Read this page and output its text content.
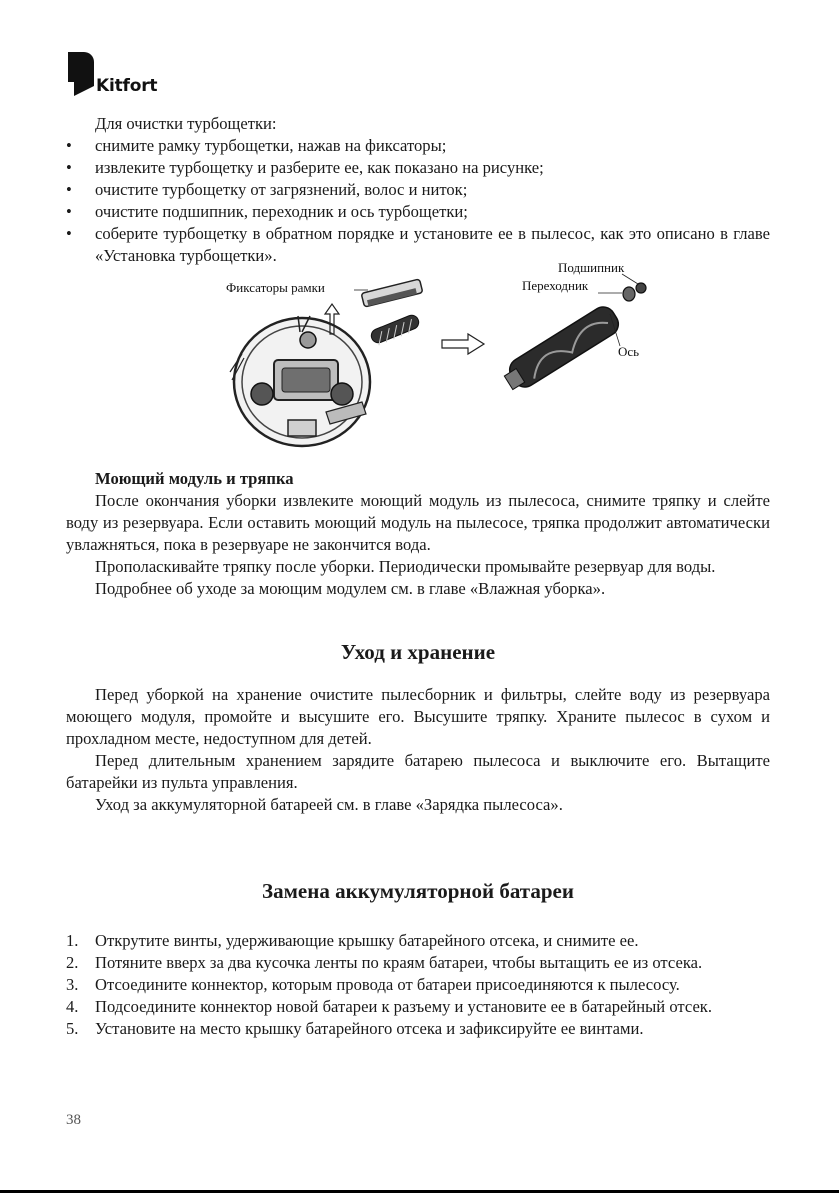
Kitfort

Для очистки турбощетки:

• снимите рамку турбощетки, нажав на фиксаторы;
• извлеките турбощетку и разберите ее, как показано на рисунке;
• очистите турбощетку от загрязнений, волос и ниток;
• очистите подшипник, переходник и ось турбощетки;
• соберите турбощетку в обратном порядке и установите ее в пылесос, как это описано в главе «Установка турбощетки».
Фиксаторы рамки
Подшипник
Переходник
Ось

Моющий модуль и тряпка

После окончания уборки извлеките моющий модуль из пылесоса, снимите тряпку и слейте воду из резервуара. Если оставить моющий модуль на пылесосе, тряпка продолжит автоматически увлажняться, пока в резервуаре не закончится вода.

Прополаскивайте тряпку после уборки. Периодически промывайте резервуар для воды.

Подробнее об уходе за моющим модулем см. в главе «Влажная уборка».

Уход и хранение

Перед уборкой на хранение очистите пылесборник и фильтры, слейте воду из резервуара моющего модуля, промойте и высушите его. Высушите тряпку. Храните пылесос в сухом и прохладном месте, недоступном для детей.

Перед длительным хранением зарядите батарею пылесоса и выключите его. Вытащите батарейки из пульта управления.

Уход за аккумуляторной батареей см. в главе «Зарядка пылесоса».

Замена аккумуляторной батареи
1. Открутите винты, удерживающие крышку батарейного отсека, и снимите ее.
2. Потяните вверх за два кусочка ленты по краям батареи, чтобы вытащить ее из отсека.
3. Отсоедините коннектор, которым провода от батареи присоединяются к пылесосу.
4. Подсоедините коннектор новой батареи к разъему и установите ее в батарейный отсек.
5. Установите на место крышку батарейного отсека и зафиксируйте ее винтами.
38
